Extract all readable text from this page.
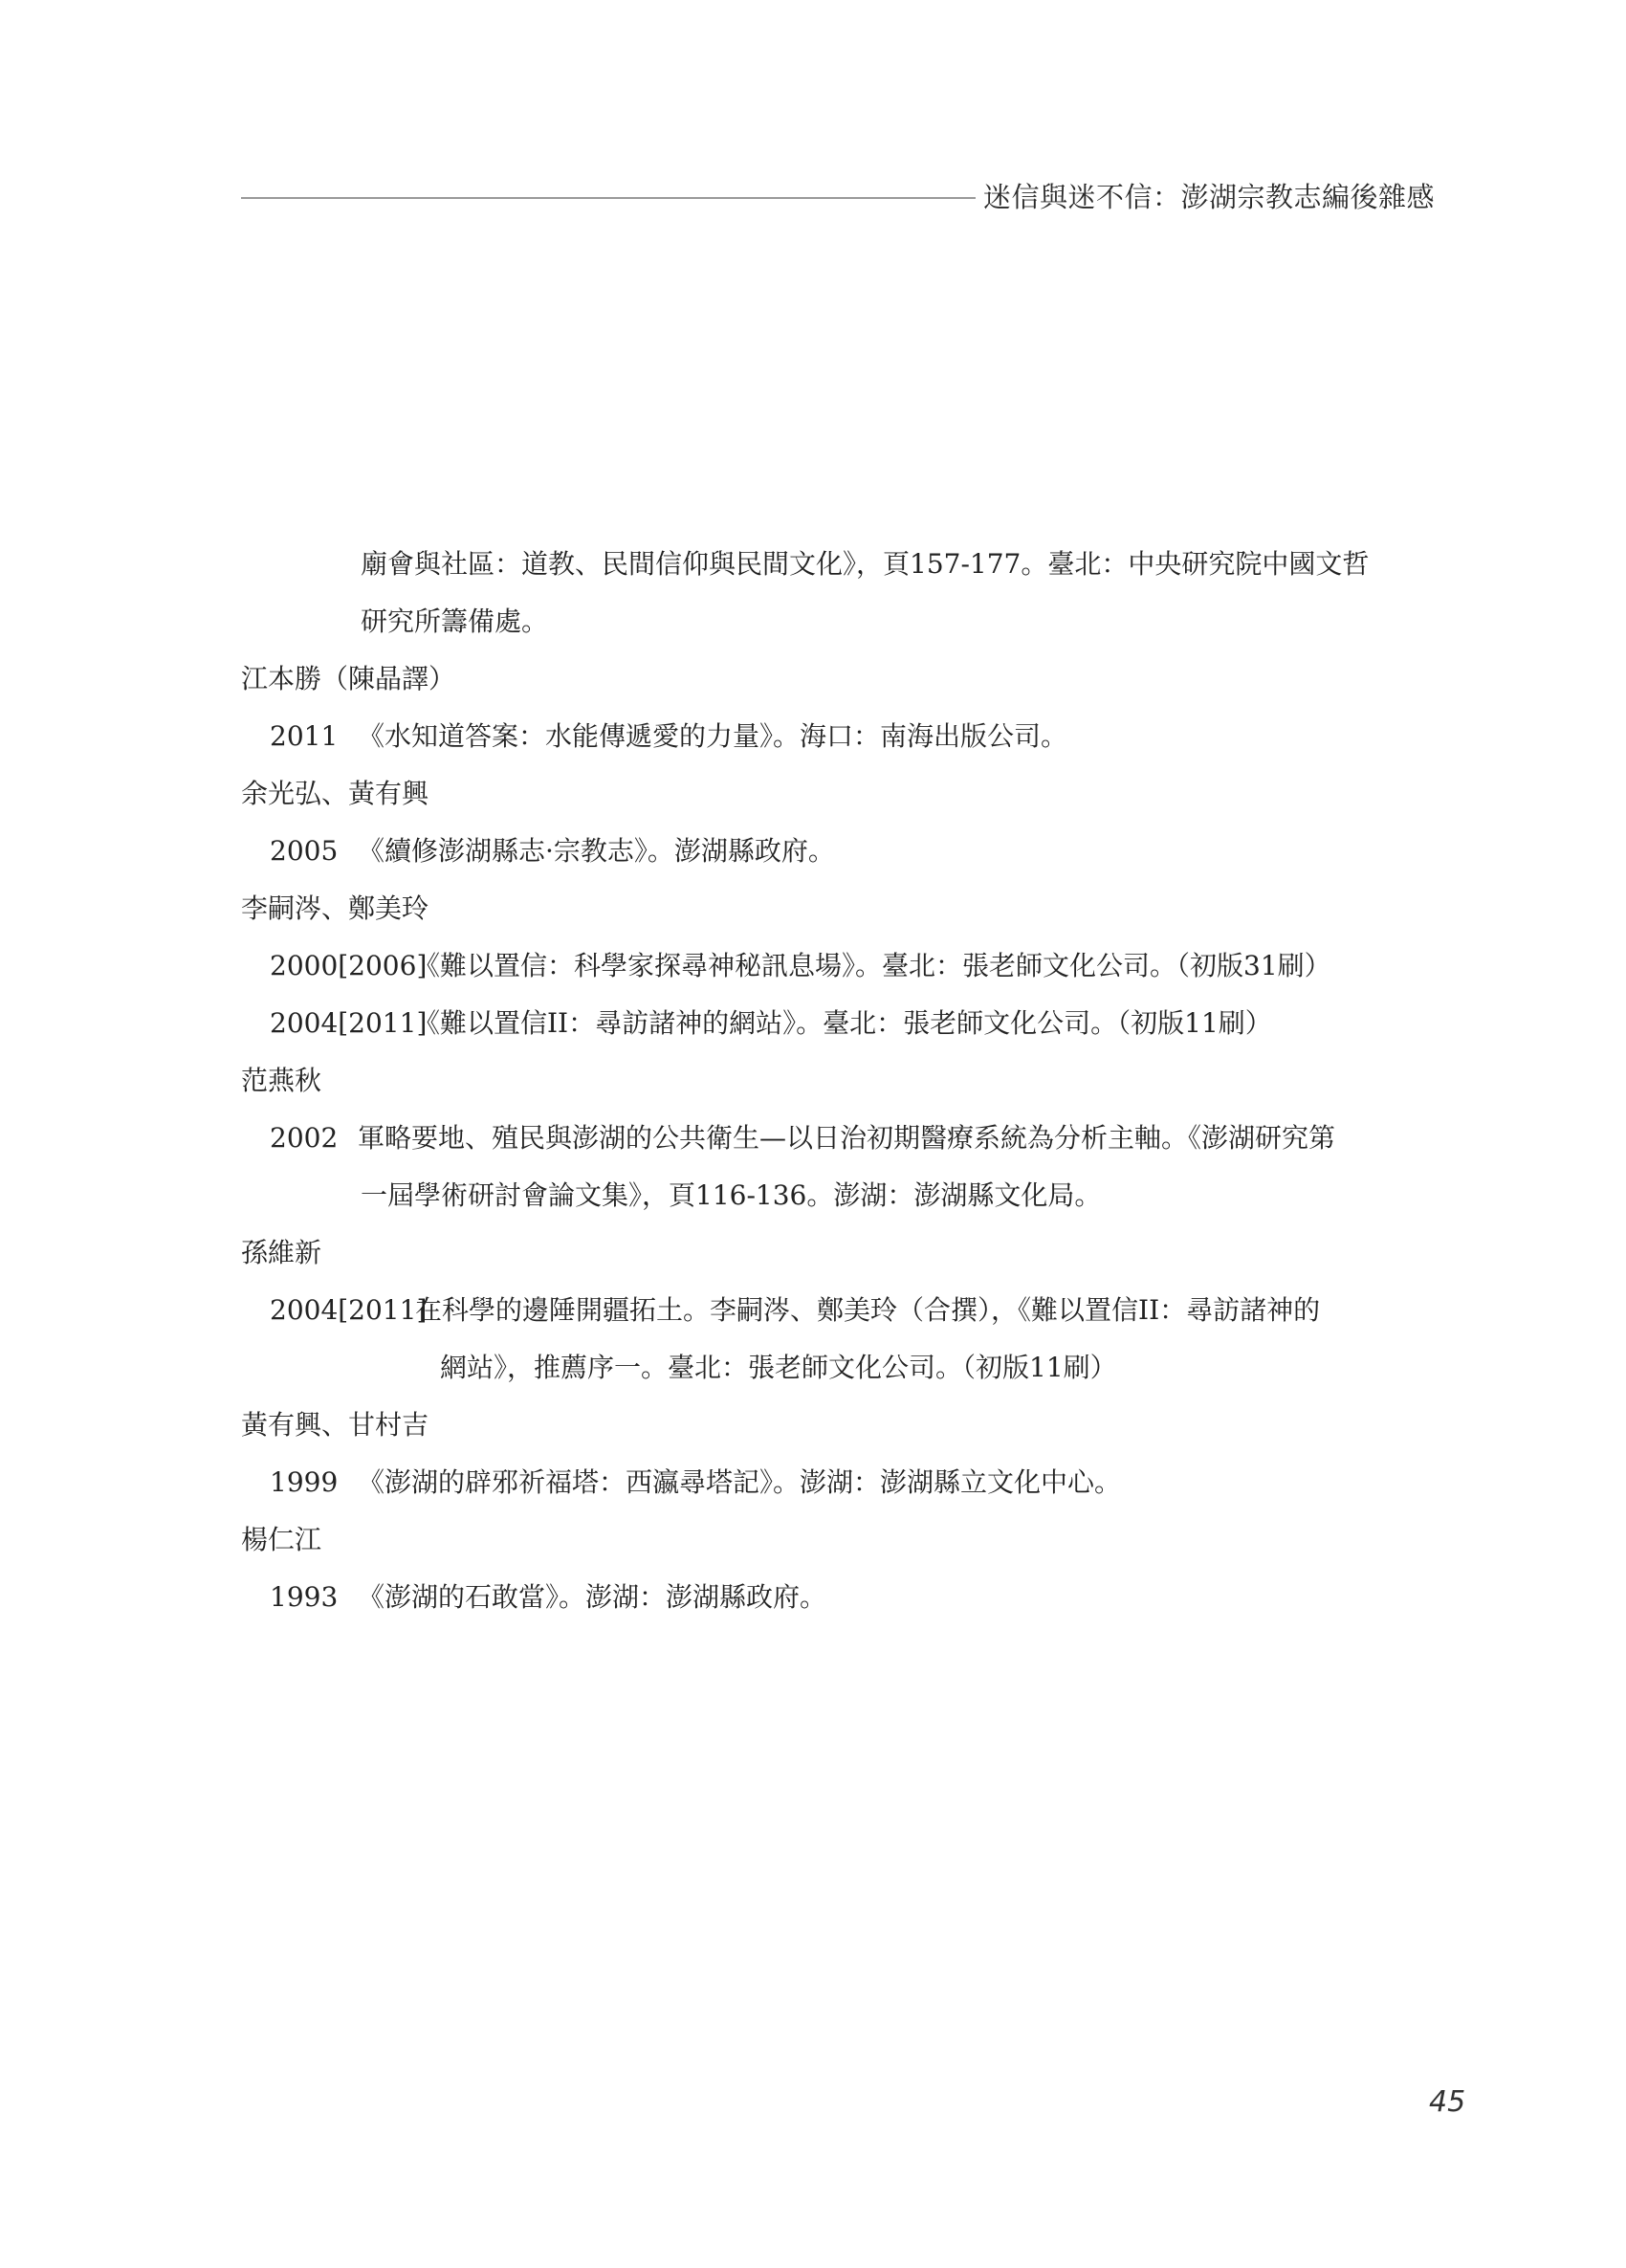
迷信與迷不信：澎湖宗教志編後雜感
廟會與社區：道教、民間信仰與民間文化》，頁157-177。臺北：中央研究院中國文哲
研究所籌備處。
江本勝（陳晶譯）
2011 《水知道答案：水能傳遞愛的力量》。海口：南海出版公司。
余光弘、黃有興
2005 《續修澎湖縣志·宗教志》。澎湖縣政府。
李嗣涔、鄭美玲
2000[2006]
《難以置信：科學家探尋神秘訊息場》。臺北：張老師文化公司。（初版31刷）
2004[2011]
《難以置信II：尋訪諸神的網站》。臺北：張老師文化公司。（初版11刷）
范燕秋
2002 軍略要地、殖民與澎湖的公共衛生—以日治初期醫療系統為分析主軸。《澎湖研究第
一屆學術研討會論文集》，頁116-136。澎湖：澎湖縣文化局。
孫維新
2004[2011]
在科學的邊陲開疆拓土。李嗣涔、鄭美玲（合撰），《難以置信II：尋訪諸神的
網站》，推薦序一。臺北：張老師文化公司。（初版11刷）
黃有興、甘村吉
1999 《澎湖的辟邪祈福塔：西瀛尋塔記》。澎湖：澎湖縣立文化中心。
楊仁江
1993 《澎湖的石敢當》。澎湖：澎湖縣政府。
45
